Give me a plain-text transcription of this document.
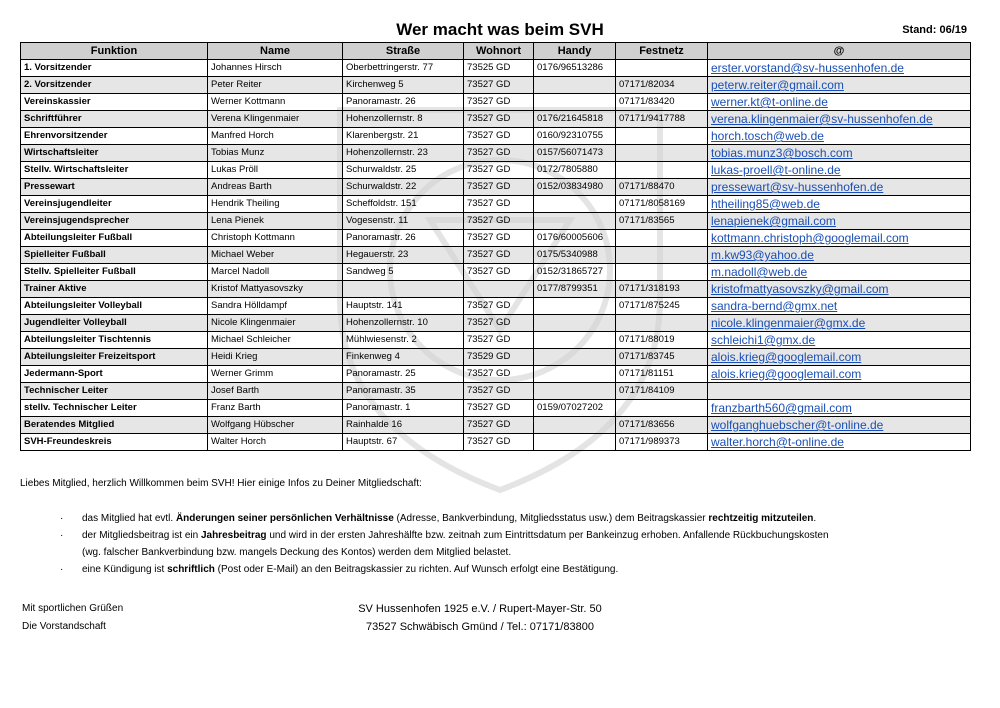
Wer macht was beim SVH	Stand: 06/19
Funktion	Name	Straße	Wohnort	Handy	Festnetz	@
1. Vorsitzender	Johannes Hirsch	Oberbettringerstr. 77	73525 GD	0176/96513286		erster.vorstand@sv-hussenhofen.de
2. Vorsitzender	Peter Reiter	Kirchenweg 5	73527 GD		07171/82034	peterw.reiter@gmail.com
Vereinskassier	Werner Kottmann	Panoramastr. 26	73527 GD		07171/83420	werner.kt@t-online.de
Schriftführer	Verena Klingenmaier	Hohenzollernstr. 8	73527 GD	0176/21645818	07171/9417788	verena.klingenmaier@sv-hussenhofen.de
Ehrenvorsitzender	Manfred Horch	Klarenbergstr. 21	73527 GD	0160/92310755		horch.tosch@web.de
Wirtschaftsleiter	Tobias Munz	Hohenzollernstr. 23	73527 GD	0157/56071473		tobias.munz3@bosch.com
Stellv. Wirtschaftsleiter	Lukas Pröll	Schurwaldstr. 25	73527 GD	0172/7805880		lukas-proell@t-online.de
Pressewart	Andreas Barth	Schurwaldstr. 22	73527 GD	0152/03834980	07171/88470	pressewart@sv-hussenhofen.de
Vereinsjugendleiter	Hendrik Theiling	Scheffoldstr. 151	73527 GD		07171/8058169	htheiling85@web.de
Vereinsjugendsprecher	Lena Pienek	Vogesenstr. 11	73527 GD		07171/83565	lenapienek@gmail.com
Abteilungsleiter Fußball	Christoph Kottmann	Panoramastr. 26	73527 GD	0176/60005606		kottmann.christoph@googlemail.com
Spielleiter Fußball	Michael Weber	Hegauerstr. 23	73527 GD	0175/5340988		m.kw93@yahoo.de
Stellv. Spielleiter Fußball	Marcel Nadoll	Sandweg 5	73527 GD	0152/31865727		m.nadoll@web.de
Trainer Aktive	Kristof Mattyasovszky			0177/8799351	07171/318193	kristofmattyasovszky@gmail.com
Abteilungsleiter Volleyball	Sandra Hölldampf	Hauptstr. 141	73527 GD		07171/875245	sandra-bernd@gmx.net
Jugendleiter Volleyball	Nicole Klingenmaier	Hohenzollernstr. 10	73527 GD			nicole.klingenmaier@gmx.de
Abteilungsleiter Tischtennis	Michael Schleicher	Mühlwiesenstr. 2	73527 GD		07171/88019	schleichi1@gmx.de
Abteilungsleiter Freizeitsport	Heidi Krieg	Finkenweg 4	73529 GD		07171/83745	alois.krieg@googlemail.com
Jedermann-Sport	Werner Grimm	Panoramastr. 25	73527 GD		07171/81151	alois.krieg@googlemail.com
Technischer Leiter	Josef Barth	Panoramastr. 35	73527 GD		07171/84109	
stellv. Technischer Leiter	Franz Barth	Panoramastr. 1	73527 GD	0159/07027202		franzbarth560@gmail.com
Beratendes Mitglied	Wolfgang Hübscher	Rainhalde 16	73527 GD		07171/83656	wolfganghuebscher@t-online.de
SVH-Freundeskreis	Walter Horch	Hauptstr. 67	73527 GD		07171/989373	walter.horch@t-online.de
Liebes Mitglied, herzlich Willkommen beim SVH! Hier einige Infos zu Deiner Mitgliedschaft:
· das Mitglied hat evtl. Änderungen seiner persönlichen Verhältnisse (Adresse, Bankverbindung, Mitgliedsstatus usw.) dem Beitragskassier rechtzeitig mitzuteilen.
· der Mitgliedsbeitrag ist ein Jahresbeitrag und wird in der ersten Jahreshälfte bzw. zeitnah zum Eintrittsdatum per Bankeinzug erhoben. Anfallende Rückbuchungskosten
(wg. falscher Bankverbindung bzw. mangels Deckung des Kontos) werden dem Mitglied belastet.
· eine Kündigung ist schriftlich (Post oder E-Mail) an den Beitragskassier zu richten. Auf Wunsch erfolgt eine Bestätigung.
Mit sportlichen Grüßen
Die Vorstandschaft
SV Hussenhofen 1925 e.V. / Rupert-Mayer-Str. 50
73527 Schwäbisch Gmünd / Tel.: 07171/83800
